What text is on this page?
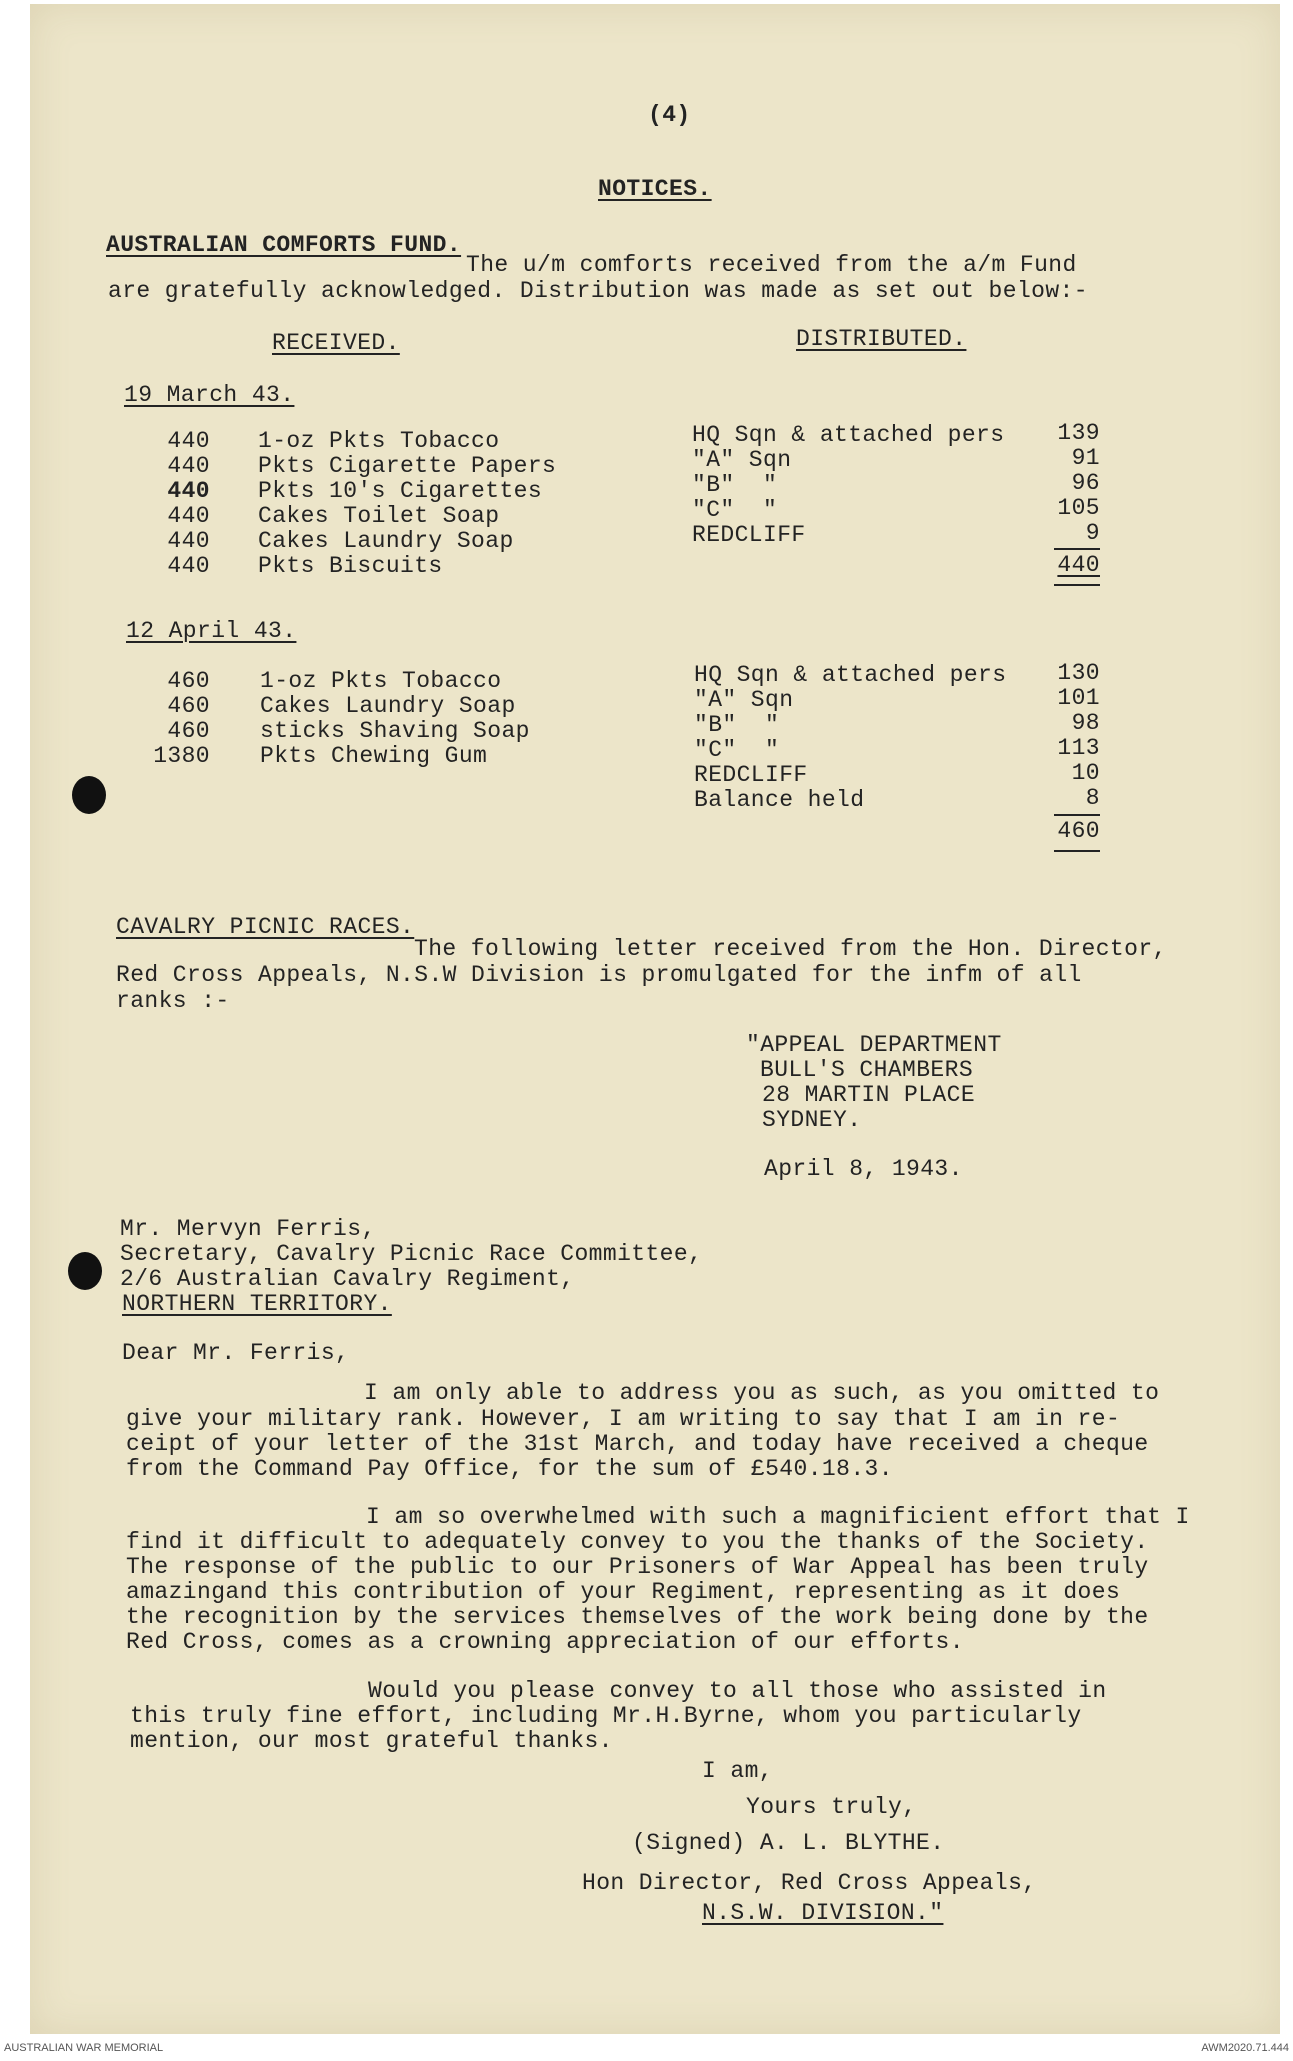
(4)
NOTICES.
AUSTRALIAN COMFORTS FUND.
The u/m comforts received from the a/m Fund
are gratefully acknowledged. Distribution was made as set out below:-
RECEIVED.	DISTRIBUTED.
19 March 43.
440 1-oz Pkts Tobacco
440 Pkts Cigarette Papers
440 Pkts 10's Cigarettes
440 Cakes Toilet Soap
440 Cakes Laundry Soap
440 Pkts Biscuits
HQ Sqn & attached pers	139
"A" Sqn	91
"B"  "	96
"C"  "	105
REDCLIFF	9
440
12 April 43.
460 1-oz Pkts Tobacco
460 Cakes Laundry Soap
460 sticks Shaving Soap
1380 Pkts Chewing Gum
HQ Sqn & attached pers	130
"A" Sqn	101
"B"  "	98
"C"  "	113
REDCLIFF	10
Balance held	8
460
CAVALRY PICNIC RACES.
The following letter received from the Hon. Director,
Red Cross Appeals, N.S.W Division is promulgated for the infm of all
ranks :-
"APPEAL DEPARTMENT
BULL'S CHAMBERS
28 MARTIN PLACE
SYDNEY.
April 8, 1943.
Mr. Mervyn Ferris,
Secretary, Cavalry Picnic Race Committee,
2/6 Australian Cavalry Regiment,
NORTHERN TERRITORY.
Dear Mr. Ferris,
I am only able to address you as such, as you omitted to
give your military rank. However, I am writing to say that I am in re-
ceipt of your letter of the 31st March, and today have received a cheque
from the Command Pay Office, for the sum of £540.18.3.
I am so overwhelmed with such a magnificient effort that I
find it difficult to adequately convey to you the thanks of the Society.
The response of the public to our Prisoners of War Appeal has been truly
amazingand this contribution of your Regiment, representing as it does
the recognition by the services themselves of the work being done by the
Red Cross, comes as a crowning appreciation of our efforts.
Would you please convey to all those who assisted in
this truly fine effort, including Mr.H.Byrne, whom you particularly
mention, our most grateful thanks.
I am,
Yours truly,
(Signed) A. L. BLYTHE.
Hon Director, Red Cross Appeals,
N.S.W. DIVISION."
AUSTRALIAN WAR MEMORIAL	AWM2020.71.444
